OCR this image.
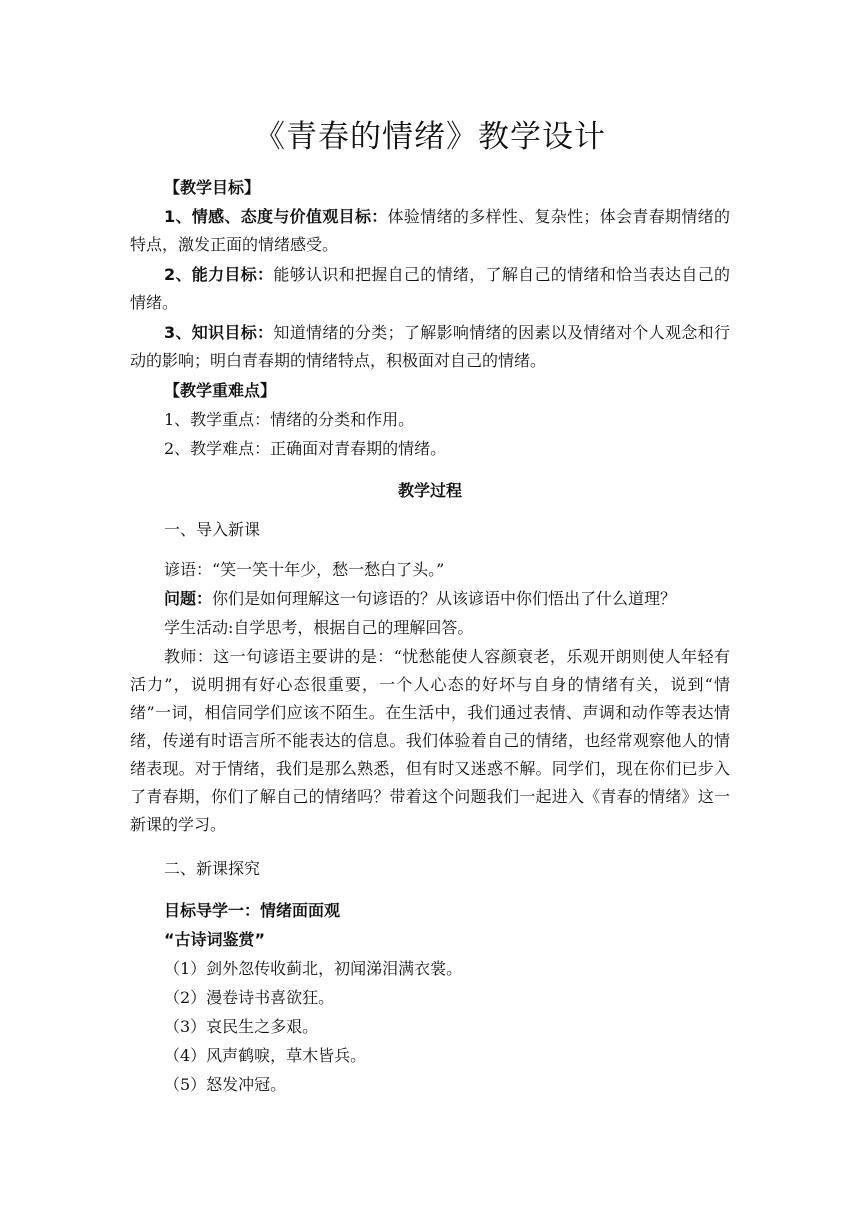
《青春的情绪》教学设计

【教学目标】

1、情感、态度与价值观目标：体验情绪的多样性、复杂性；体会青春期情绪的特点，激发正面的情绪感受。

2、能力目标：能够认识和把握自己的情绪，了解自己的情绪和恰当表达自己的情绪。

3、知识目标：知道情绪的分类；了解影响情绪的因素以及情绪对个人观念和行动的影响；明白青春期的情绪特点，积极面对自己的情绪。

【教学重难点】

1、教学重点：情绪的分类和作用。

2、教学难点：正确面对青春期的情绪。

教学过程

一、导入新课

谚语：“笑一笑十年少，愁一愁白了头。”

问题：你们是如何理解这一句谚语的？从该谚语中你们悟出了什么道理？

学生活动:自学思考，根据自己的理解回答。

教师：这一句谚语主要讲的是：“忧愁能使人容颜衰老，乐观开朗则使人年轻有活力”，说明拥有好心态很重要，一个人心态的好坏与自身的情绪有关，说到“情绪”一词，相信同学们应该不陌生。在生活中，我们通过表情、声调和动作等表达情绪，传递有时语言所不能表达的信息。我们体验着自己的情绪，也经常观察他人的情绪表现。对于情绪，我们是那么熟悉，但有时又迷惑不解。同学们，现在你们已步入了青春期，你们了解自己的情绪吗？带着这个问题我们一起进入《青春的情绪》这一新课的学习。

二、新课探究

目标导学一：情绪面面观

“古诗词鉴赏”

（1）剑外忽传收蓟北，初闻涕泪满衣裳。

（2）漫卷诗书喜欲狂。

（3）哀民生之多艰。

（4）风声鹤唳，草木皆兵。

（5）怒发冲冠。
